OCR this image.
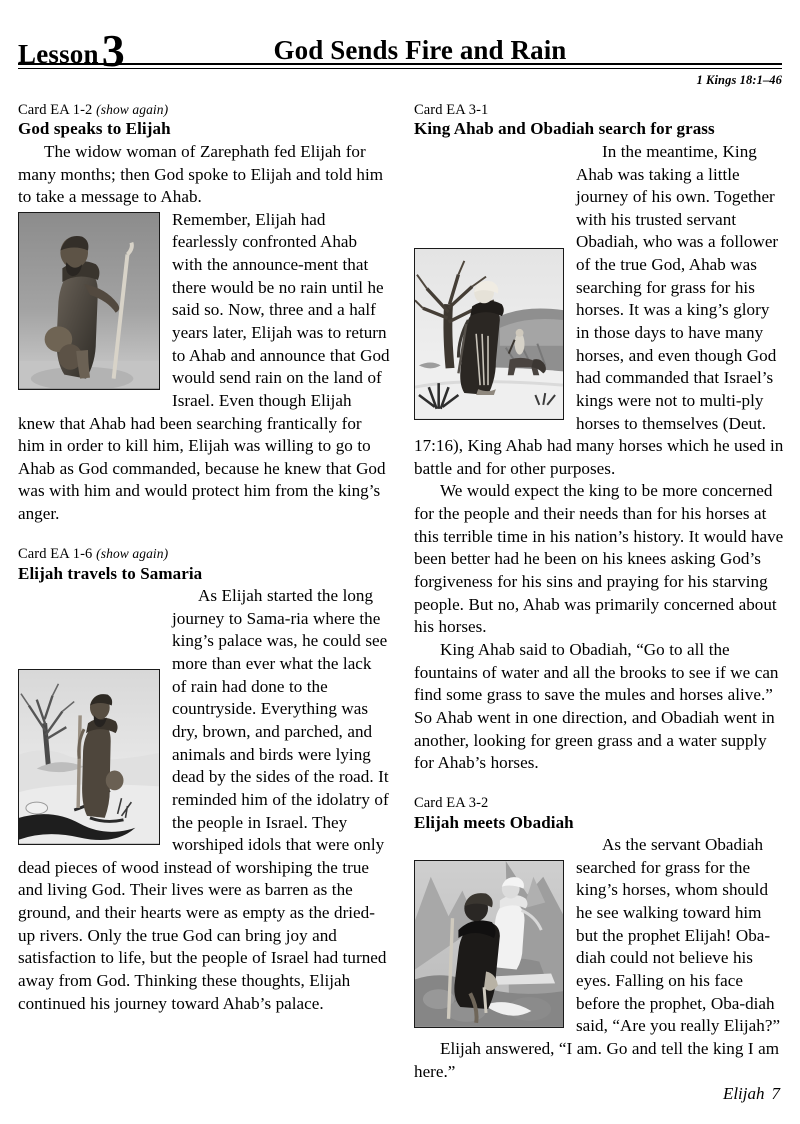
Lesson 3	God Sends Fire and Rain
1 Kings 18:1–46
Card EA 1-2 (show again)
God speaks to Elijah

The widow woman of Zarephath fed Elijah for many months; then God spoke to Elijah and told him to take a message to Ahab.

Remember, Elijah had fearlessly confronted Ahab with the announce-ment that there would be no rain until he said so. Now, three and a half years later, Elijah was to return to Ahab and announce that God would send rain on the land of Israel. Even though Elijah knew that Ahab had been searching frantically for him in order to kill him, Elijah was willing to go to Ahab as God commanded, because he knew that God was with him and would protect him from the king’s anger.

Card EA 1-6 (show again)
Elijah travels to Samaria

As Elijah started the long journey to Sama-ria where the king’s palace was, he could see more than ever what the lack of rain had done to the countryside. Everything was dry, brown, and parched, and animals and birds were lying dead by the sides of the road. It reminded him of the idolatry of the people in Israel. They worshiped idols that were only dead pieces of wood instead of worshiping the true and living God. Their lives were as barren as the ground, and their hearts were as empty as the dried-up rivers. Only the true God can bring joy and satisfaction to life, but the people of Israel had turned away from God. Thinking these thoughts, Elijah continued his journey toward Ahab’s palace.

Card EA 3-1
King Ahab and Obadiah search for grass

In the meantime, King Ahab was taking a little journey of his own. Together with his trusted servant Obadiah, who was a follower of the true God, Ahab was searching for grass for his horses. It was a king’s glory in those days to have many horses, and even though God had commanded that Israel’s kings were not to multi-ply horses to themselves (Deut. 17:16), King Ahab had many horses which he used in battle and for other purposes.

We would expect the king to be more concerned for the people and their needs than for his horses at this terrible time in his nation’s history. It would have been better had he been on his knees asking God’s forgiveness for his sins and praying for his starving people. But no, Ahab was primarily concerned about his horses.

King Ahab said to Obadiah, “Go to all the fountains of water and all the brooks to see if we can find some grass to save the mules and horses alive.” So Ahab went in one direction, and Obadiah went in another, looking for green grass and a water supply for Ahab’s horses.

Card EA 3-2
Elijah meets Obadiah

As the servant Obadiah searched for grass for the king’s horses, whom should he see walking toward him but the prophet Elijah! Oba-diah could not believe his eyes. Falling on his face before the prophet, Oba-diah said, “Are you really Elijah?”

Elijah answered, “I am. Go and tell the king I am here.”

Elijah 7
